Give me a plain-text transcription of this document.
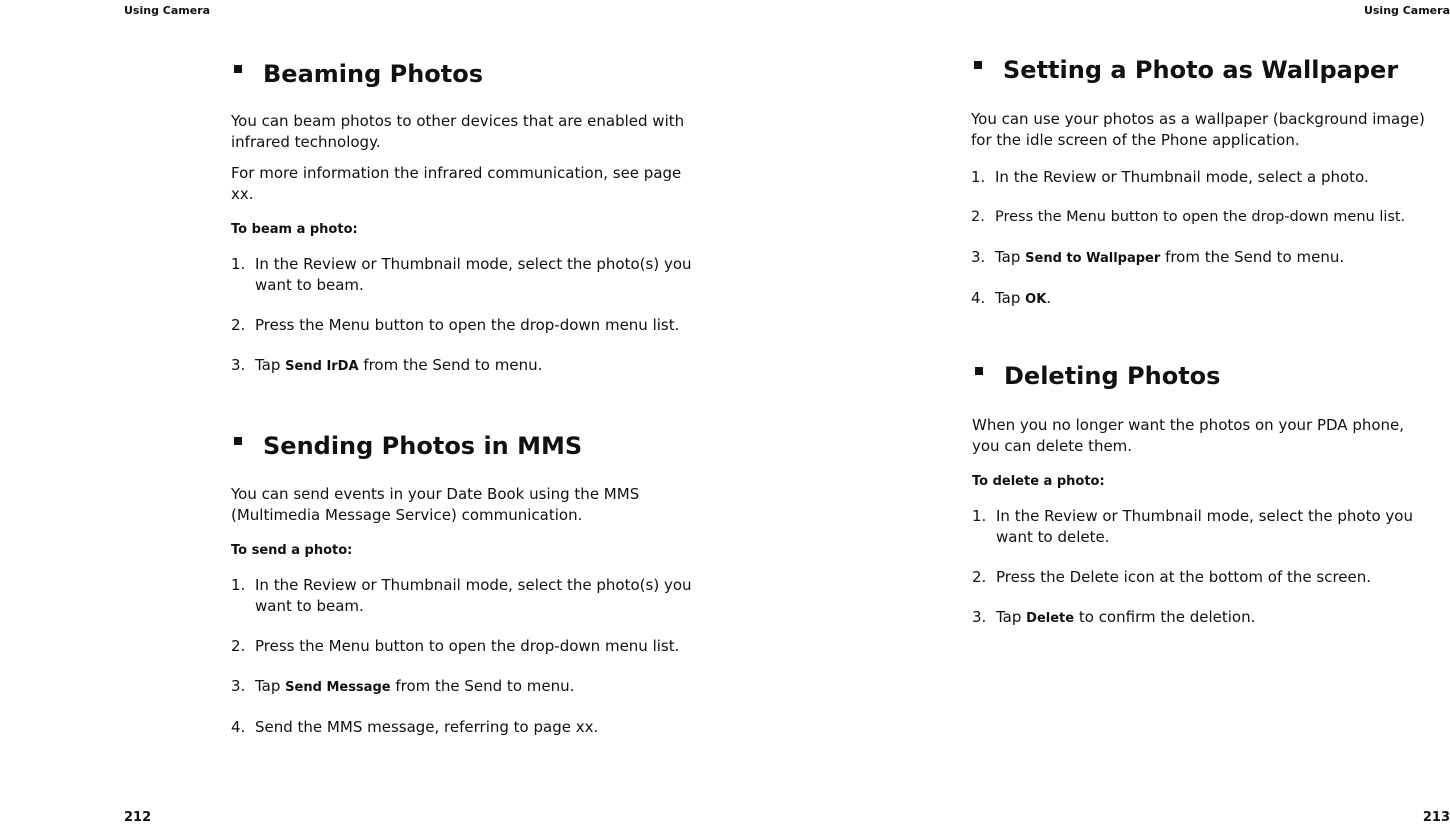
Using Camera
Beaming Photos

You can beam photos to other devices that are enabled with infrared technology.

For more information the infrared communication, see page xx.

To beam a photo:

1. In the Review or Thumbnail mode, select the photo(s) you want to beam.
2. Press the Menu button to open the drop-down menu list.
3. Tap Send IrDA from the Send to menu.
Sending Photos in MMS

You can send events in your Date Book using the MMS (Multimedia Message Service) communication.

To send a photo:

1. In the Review or Thumbnail mode, select the photo(s) you want to beam.
2. Press the Menu button to open the drop-down menu list.
3. Tap Send Message from the Send to menu.
4. Send the MMS message, referring to page xx.
212
Using Camera
Setting a Photo as Wallpaper

You can use your photos as a wallpaper (background image) for the idle screen of the Phone application.

1. In the Review or Thumbnail mode, select a photo.
2. Press the Menu button to open the drop-down menu list.
3. Tap Send to Wallpaper from the Send to menu.
4. Tap OK.
Deleting Photos

When you no longer want the photos on your PDA phone, you can delete them.

To delete a photo:

1. In the Review or Thumbnail mode, select the photo you want to delete.
2. Press the Delete icon at the bottom of the screen.
3. Tap Delete to confirm the deletion.
213
